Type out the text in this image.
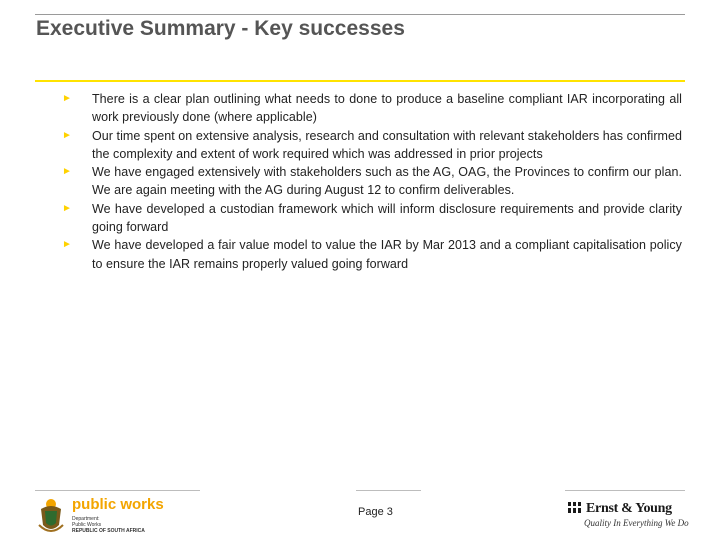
Executive Summary - Key successes
► There is a clear plan outlining what needs to done to produce a baseline compliant IAR incorporating all work previously done (where applicable)
► Our time spent on extensive analysis, research and consultation with relevant stakeholders has confirmed the complexity and extent of work required which was addressed in prior projects
► We have engaged extensively with stakeholders such as the AG, OAG, the Provinces to confirm our plan. We are again meeting with the AG during August 12 to confirm deliverables.
► We have developed a custodian framework which will inform disclosure requirements and provide clarity going forward
► We have developed a fair value model to value the IAR by Mar 2013 and a compliant capitalisation policy to ensure the IAR remains properly valued going forward
public works
Department:
Public Works
REPUBLIC OF SOUTH AFRICA
Page 3	Ernst & Young
Quality In Everything We Do
